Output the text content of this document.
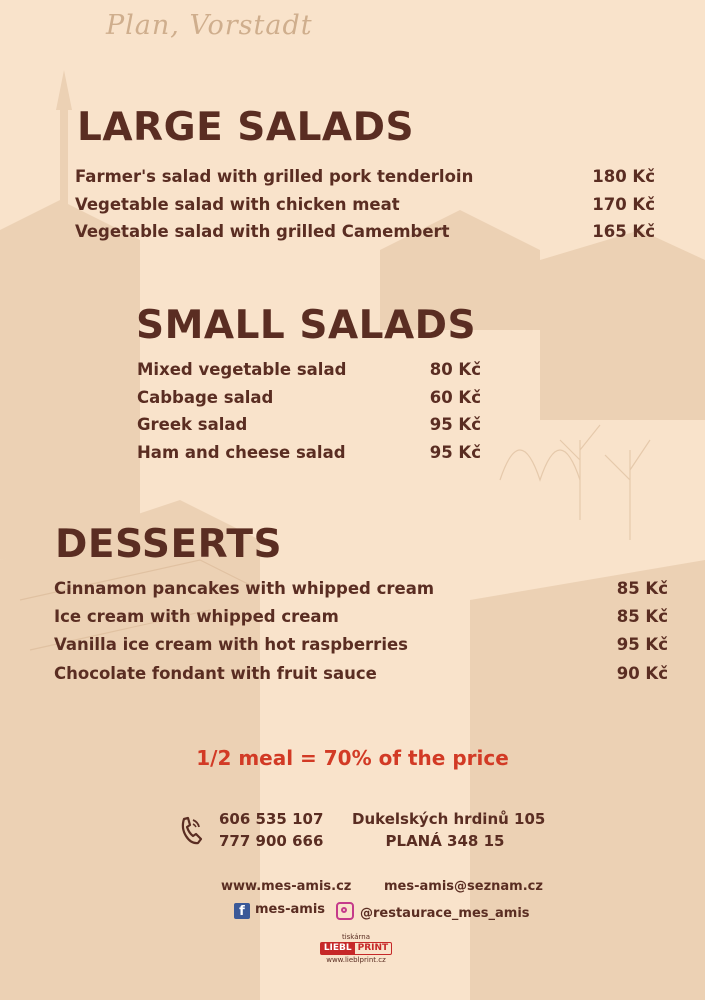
Plan, Vorstadt
LARGE SALADS
Farmer's salad with grilled pork tenderloin	180 Kč
Vegetable salad with chicken meat	170 Kč
Vegetable salad with grilled Camembert	165 Kč
SMALL SALADS
Mixed vegetable salad	80 Kč
Cabbage salad	60 Kč
Greek salad	95 Kč
Ham and cheese salad	95 Kč
DESSERTS
Cinnamon pancakes with whipped cream	85 Kč
Ice cream with whipped cream	85 Kč
Vanilla ice cream with hot raspberries	95 Kč
Chocolate fondant with fruit sauce	90 Kč
1/2 meal = 70% of the price
606 535 107
777 900 666
Dukelských hrdinů 105
PLANÁ 348 15
www.mes-amis.cz	mes-amis@seznam.cz
f mes-amis	@restaurace_mes_amis
tiskárna
LIEBL PRINT
www.lieblprint.cz
